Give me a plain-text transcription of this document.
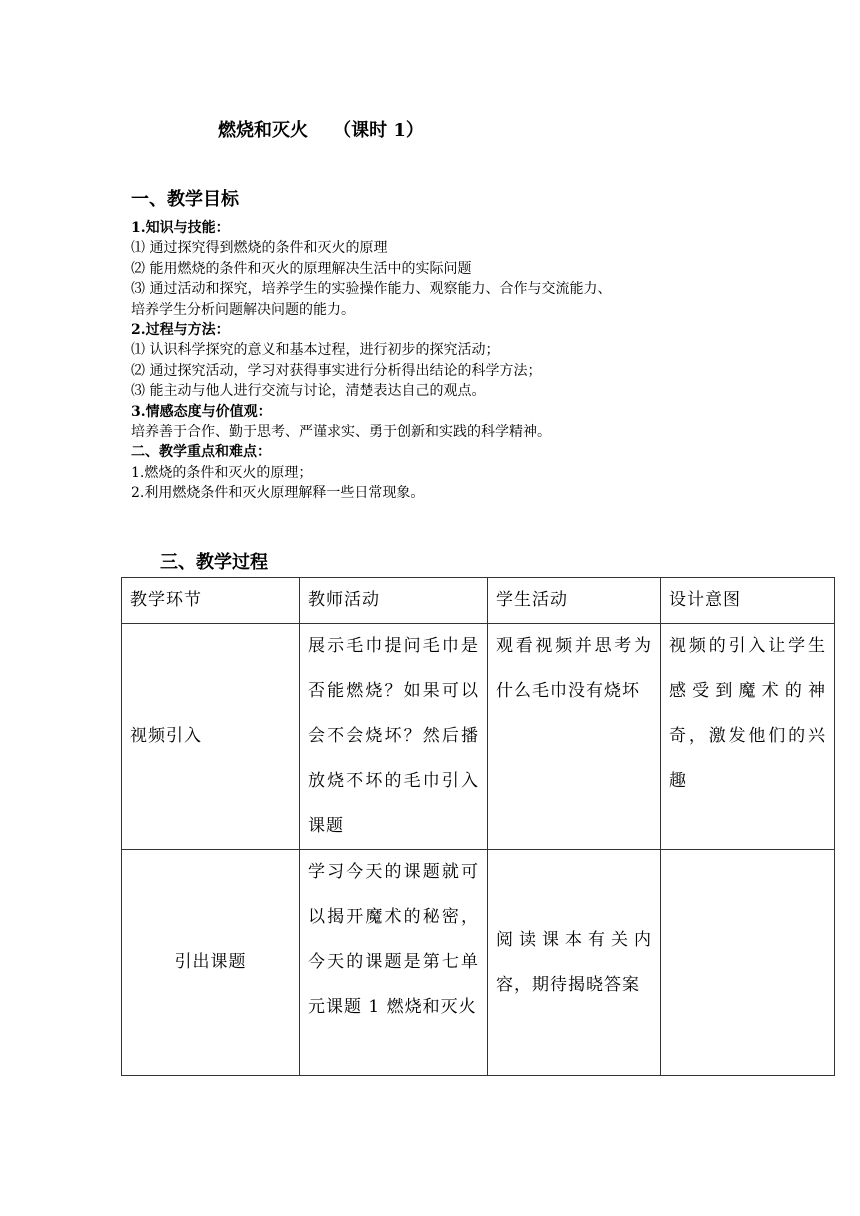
燃烧和灭火    （课时 1）
一、教学目标
1.知识与技能：
⑴ 通过探究得到燃烧的条件和灭火的原理
⑵ 能用燃烧的条件和灭火的原理解决生活中的实际问题
⑶ 通过活动和探究，培养学生的实验操作能力、观察能力、合作与交流能力、
培养学生分析问题解决问题的能力。
2.过程与方法：
⑴ 认识科学探究的意义和基本过程，进行初步的探究活动；
⑵ 通过探究活动，学习对获得事实进行分析得出结论的科学方法；
⑶ 能主动与他人进行交流与讨论，清楚表达自己的观点。
3.情感态度与价值观：
培养善于合作、勤于思考、严谨求实、勇于创新和实践的科学精神。
二、教学重点和难点：
1.燃烧的条件和灭火的原理；
2.利用燃烧条件和灭火原理解释一些日常现象。
三、教学过程
教学环节	教师活动	学生活动	设计意图
视频引入	展示毛巾提问毛巾是否能燃烧？如果可以会不会烧坏？然后播放烧不坏的毛巾引入课题	观看视频并思考为什么毛巾没有烧坏	视频的引入让学生感受到魔术的神奇，激发他们的兴趣
引出课题	学习今天的课题就可以揭开魔术的秘密，今天的课题是第七单元课题 1 燃烧和灭火	阅读课本有关内容，期待揭晓答案	
